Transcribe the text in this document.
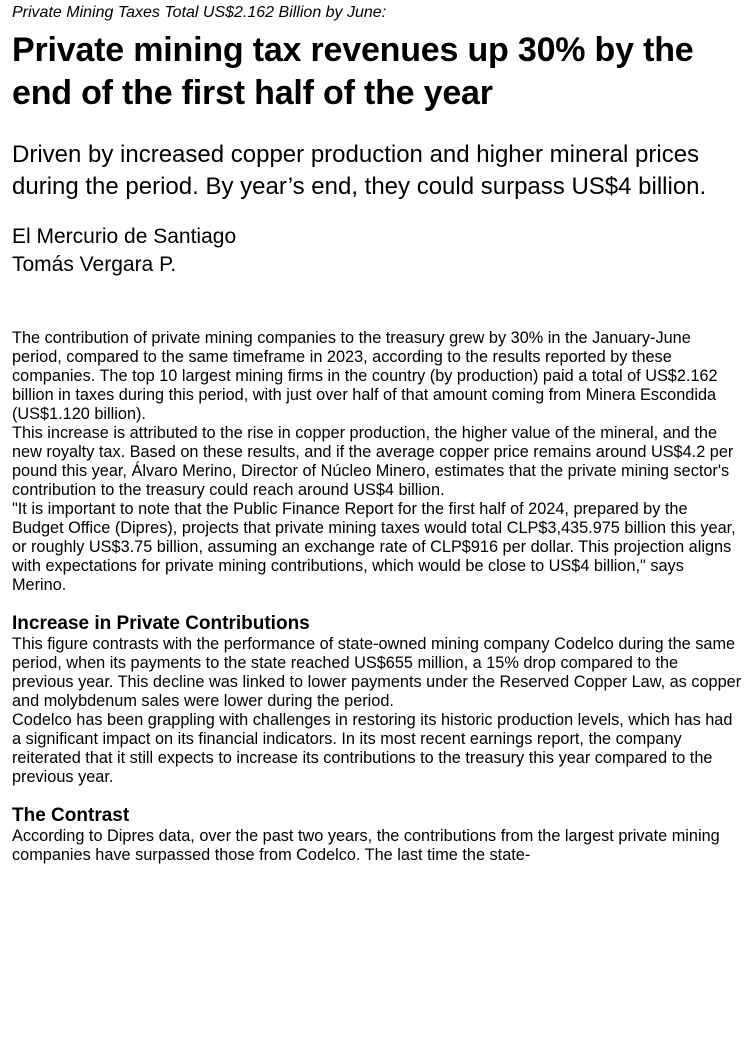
Private Mining Taxes Total US$2.162 Billion by June:

Private mining tax revenues up 30% by the end of the first half of the year

Driven by increased copper production and higher mineral prices during the period. By year’s end, they could surpass US$4 billion.

El Mercurio de Santiago
Tomás Vergara P.

The contribution of private mining companies to the treasury grew by 30% in the January-June period, compared to the same timeframe in 2023, according to the results reported by these companies. The top 10 largest mining firms in the country (by production) paid a total of US$2.162 billion in taxes during this period, with just over half of that amount coming from Minera Escondida (US$1.120 billion).

This increase is attributed to the rise in copper production, the higher value of the mineral, and the new royalty tax. Based on these results, and if the average copper price remains around US$4.2 per pound this year, Álvaro Merino, Director of Núcleo Minero, estimates that the private mining sector's contribution to the treasury could reach around US$4 billion.

"It is important to note that the Public Finance Report for the first half of 2024, prepared by the Budget Office (Dipres), projects that private mining taxes would total CLP$3,435.975 billion this year, or roughly US$3.75 billion, assuming an exchange rate of CLP$916 per dollar. This projection aligns with expectations for private mining contributions, which would be close to US$4 billion," says Merino.

Increase in Private Contributions

This figure contrasts with the performance of state-owned mining company Codelco during the same period, when its payments to the state reached US$655 million, a 15% drop compared to the previous year. This decline was linked to lower payments under the Reserved Copper Law, as copper and molybdenum sales were lower during the period.

Codelco has been grappling with challenges in restoring its historic production levels, which has had a significant impact on its financial indicators. In its most recent earnings report, the company reiterated that it still expects to increase its contributions to the treasury this year compared to the previous year.

The Contrast

According to Dipres data, over the past two years, the contributions from the largest private mining companies have surpassed those from Codelco. The last time the state-
